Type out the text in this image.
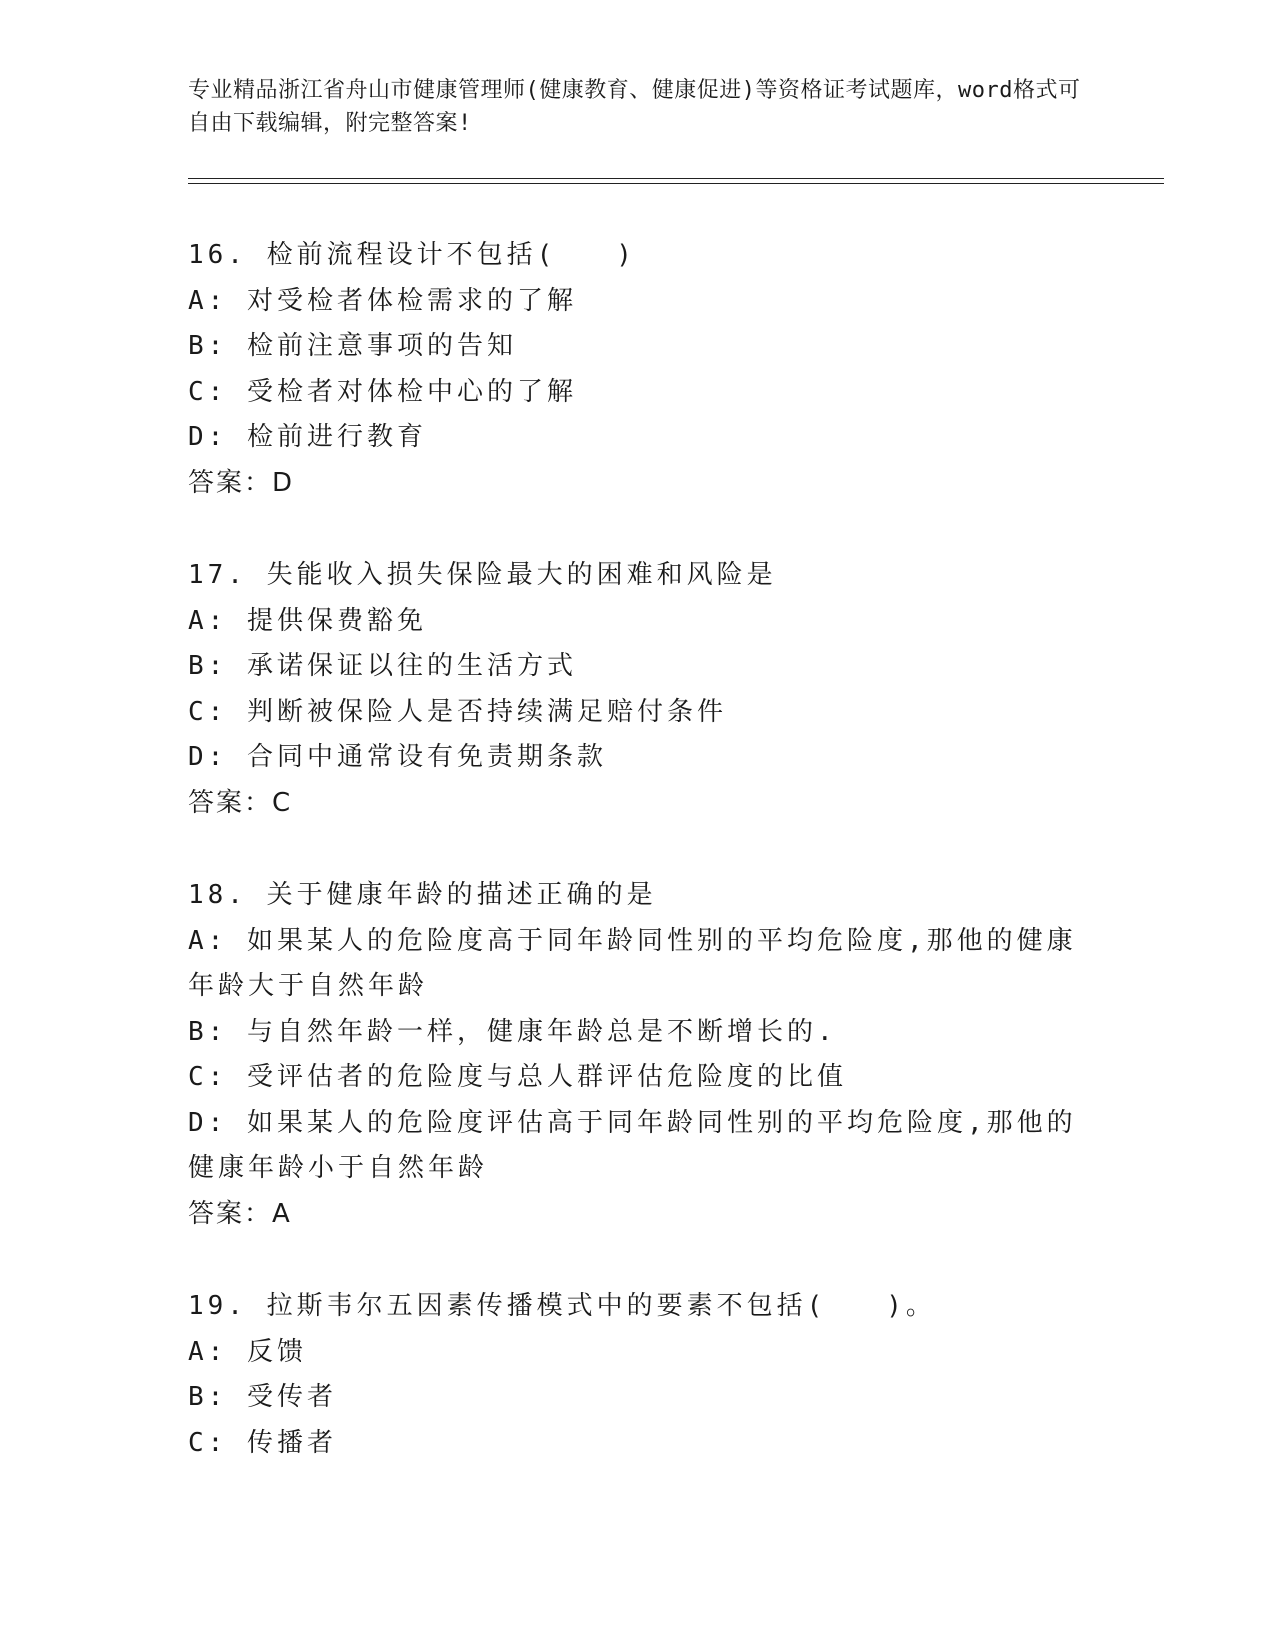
专业精品浙江省舟山市健康管理师(健康教育、健康促进)等资格证考试题库，word格式可自由下载编辑，附完整答案!
16. 检前流程设计不包括(　　)
A: 对受检者体检需求的了解
B: 检前注意事项的告知
C: 受检者对体检中心的了解
D: 检前进行教育
答案：D
17. 失能收入损失保险最大的困难和风险是
A: 提供保费豁免
B: 承诺保证以往的生活方式
C: 判断被保险人是否持续满足赔付条件
D: 合同中通常设有免责期条款
答案：C
18. 关于健康年龄的描述正确的是
A: 如果某人的危险度高于同年龄同性别的平均危险度,那他的健康年龄大于自然年龄
B: 与自然年龄一样，健康年龄总是不断增长的.
C: 受评估者的危险度与总人群评估危险度的比值
D: 如果某人的危险度评估高于同年龄同性别的平均危险度,那他的健康年龄小于自然年龄
答案：A
19. 拉斯韦尔五因素传播模式中的要素不包括(　　)。
A: 反馈
B: 受传者
C: 传播者
